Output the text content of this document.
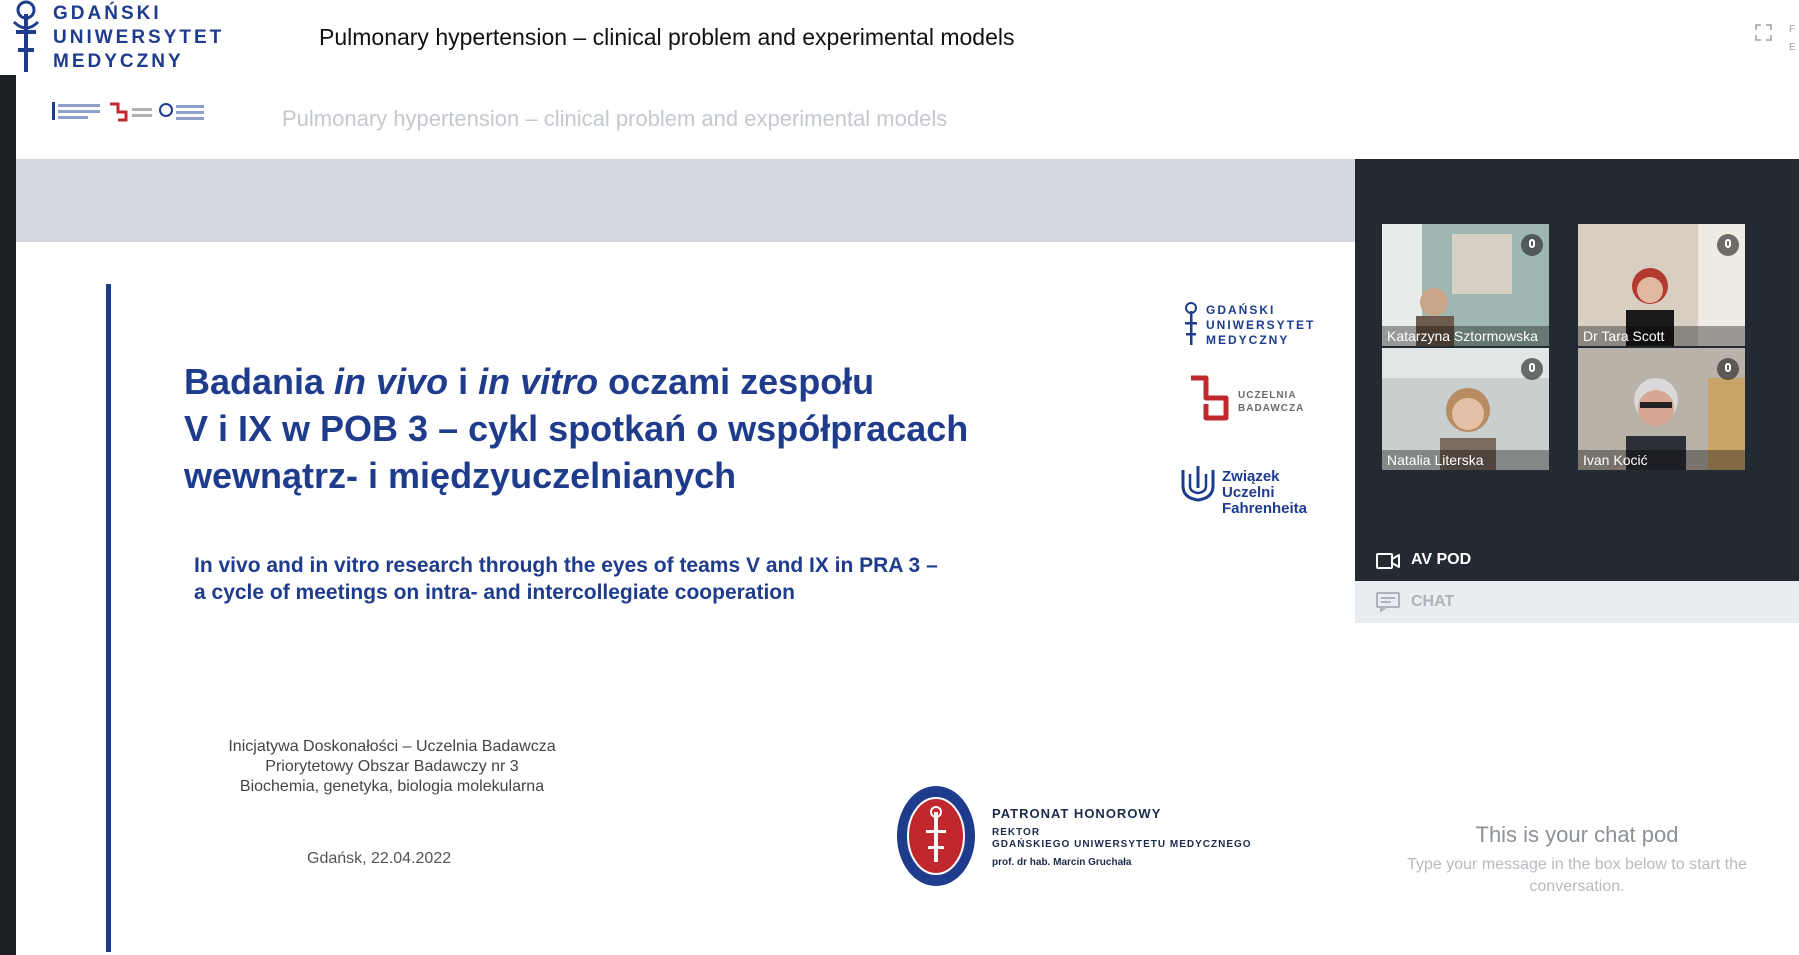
GDAŃSKI
UNIWERSYTET
MEDYCZNY
Pulmonary hypertension – clinical problem and experimental models	F
E
Pulmonary hypertension – clinical problem and experimental models
Badania in vivo i in vitro oczami zespołu
V i IX w POB 3 – cykl spotkań o współpracach
wewnątrz- i międzyuczelnianych
In vivo and in vitro research through the eyes of teams V and IX in PRA 3 –
a cycle of meetings on intra- and intercollegiate cooperation
Inicjatywa Doskonałości – Uczelnia Badawcza
Priorytetowy Obszar Badawczy nr 3
Biochemia, genetyka, biologia molekularna
Gdańsk, 22.04.2022
PATRONAT HONOROWY
REKTOR
GDAŃSKIEGO UNIWERSYTETU MEDYCZNEGO
prof. dr hab. Marcin Gruchała
GDAŃSKI
UNIWERSYTET
MEDYCZNY
UCZELNIA
BADAWCZA
Związek
Uczelni
Fahrenheita
Katarzyna Sztormowska	Dr Tara Scott
Natalia Literska	Ivan Kocić
AV POD
CHAT
This is your chat pod
Type your message in the box below to start the conversation.
